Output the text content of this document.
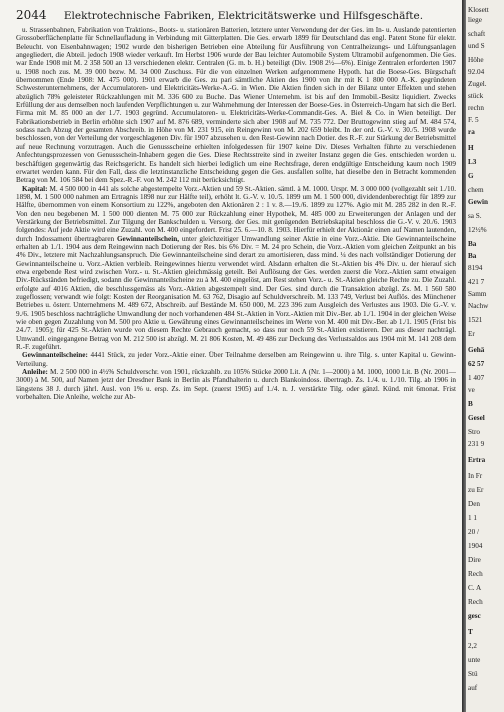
2044 Elektrotechnische Fabriken, Elektricitätswerke und Hilfsgeschäfte.

u. Strassenbahnen, Fabrikation von Traktions-, Boots- u. stationären Batterien, letztere unter Verwendung der der Ges. im In- u. Auslande patentierten Grossoberflächenplatte für Schnellaufladung in Verbindung mit Gitterplatten. Die Ges. erwarb 1899 für Deutschland das engl. Patent Stone für elektr. Beleucht. von Eisenbahnwagen; 1902 wurde den bisherigen Betrieben eine Abteilung für Ausführung von Centralheizungs- und Lüftungsanlagen angegliedert, die Abteil. jedoch 1908 wieder verkauft. Im Herbst 1906 wurde der Bau leichter Automobile System Ultramobil aufgenommen. Die Ges. war Ende 1908 mit M. 2 358 500 an 13 verschiedenen elektr. Centralen (G. m. b. H.) beteiligt (Div. 1908 2½—6%). Einige Zentralen erforderten 1907 u. 1908 noch zus. M. 39 000 bezw. M. 34 000 Zuschuss. Für die von einzelnen Werken aufgenommene Hypoth. hat die Boese-Ges. Bürgschaft übernommen (Ende 1908: M. 475 000). 1901 erwarb die Ges. zu pari sämtliche Aktien des 1900 von ihr mit K 1 800 000 A.-K. gegründeten Schwesterunternehmens, der Accumulatoren- und Elektricitäts-Werke-A.-G. in Wien. Die Aktien finden sich in der Bilanz unter Effekten und stehen abzüglich 78% geleisteter Rückzahlungen mit M. 336 600 zu Buche. Das Wiener Unternehm. ist bis auf den Immobil.-Besitz liquidiert. Zwecks Erfüllung der aus demselben noch laufenden Verpflichtungen u. zur Wahrnehmung der Interessen der Boese-Ges. in Österreich-Ungarn hat sich die Berl. Firma mit M. 85 000 an der 1./7. 1903 gegründ. Accumulatoren- u. Elektricitäts-Werke-Commandit-Ges. A. Biel & Co. in Wien beteiligt. Der Fabrikationsbetrieb in Berlin erhöhte sich 1907 auf M. 876 689, verminderte sich aber 1908 auf M. 735 772. Der Bruttogewinn stieg auf M. 484 574, sodass nach Abzug der gesamten Abschreib. in Höhe von M. 231 915, ein Reingewinn von M. 202 659 bleibt. In der ord. G.-V. v. 30./5. 1908 wurde beschlossen, von der Verteilung der vorgeschlagenen Div. für 1907 abzusehen u. den Rest-Gewinn nach Dotier. des R.-F. zur Stärkung der Betriebsmittel auf neue Rechnung vorzutragen. Auch die Genussscheine erhielten infolgedessen für 1907 keine Div. Dieses Verhalten führte zu verschiedenen Anfechtungsprozessen von Genussschein-Inhabern gegen die Ges. Diese Rechtsstreite sind in zweiter Instanz gegen die Ges. entschieden worden u. beschäftigen gegenwärtig das Reichsgericht. Es handelt sich hierbei lediglich um eine Rechtsfrage, deren endgültige Entscheidung kaum noch 1909 erwartet werden kann. Für den Fall, dass die letztinstanzliche Entscheidung gegen die Ges. ausfallen sollte, hat dieselbe den in Betracht kommenden Betrag von M. 106 584 bei dem Spez.-R.-F. von M. 242 112 mit berücksichtigt.

Kapital: M. 4 500 000 in 441 als solche abgestempelte Vorz.-Aktien und 59 St.-Aktien. sämtl. à M. 1000. Urspr. M. 3 000 000 (vollgezahlt seit 1./10. 1898, M. 1 500 000 nahmen am Ertragnis 1898 nur zur Hälfte teil), erhöht lt. G.-V. v. 10./5. 1899 um M. 1 500 000, dividendenberechtigt für 1899 zur Hälfte, übernommen von einem Konsortium zu 122%, angeboten den Aktionären 2 : 1 v. 8.—19./6. 1899 zu 127%. Agio mit M. 285 282 in den R.-F. Von den neu begebenen M. 1 500 000 dienten M. 75 000 zur Rückzahlung einer Hypothek, M. 485 000 zu Erweiterungen der Anlagen und der Verstärkung der Betriebsmittel. Zur Tilgung der Bankschulden u. Versorg. der Ges. mit genügenden Betriebskapital beschloss die G.-V. v. 20./6. 1903 folgendes: Auf jede Aktie wird eine Zuzahl. von M. 400 eingefordert. Frist 25. 6.—10. 8. 1903. Hierfür erhielt der Aktionär einen auf Namen lautenden, durch Indossament übertragbaren Gewinnanteilschein, unter gleichzeitiger Umwandlung seiner Aktie in eine Vorz.-Aktie. Die Gewinnanteilscheine erhalten ab 1./1. 1904 aus dem Reingewinn nach Dotierung der Res. bis 6% Div. = M. 24 pro Schein, die Vorz.-Aktien vom gleichen Zeitpunkt an bis 4% Div., letztere mit Nachzahlungsanspruch. Die Gewinnanteilscheine sind derart zu amortisieren, dass mind. ¼ des nach vollständiger Dotierung der Gewinnanteilscheine u. Vorz.-Aktien verbleib. Reingewinnes hierzu verwendet wird. Alsdann erhalten die St.-Aktien bis 4% Div. u. der hierauf sich etwa ergebende Rest wird zwischen Vorz.- u. St.-Aktien gleichmässig geteilt. Bei Auflösung der Ges. werden zuerst die Vorz.-Aktien samt etwaigen Div.-Rückständen befriedigt, sodann die Gewinnanteilscheine zu à M. 400 eingelöst, am Rest stehen Vorz.- u. St.-Aktien gleiche Rechte zu. Die Zuzahl. erfolgte auf 4016 Aktien, die beschlussgemäss als Vorz.-Aktien abgestempelt sind. Der Ges. sind durch die Transaktion abzügl. Zs. M. 1 560 580 zugeflossen; verwandt wie folgt: Kosten der Reorganisation M. 63 762, Disagio auf Schuldverschreib. M. 133 749, Verlust bei Auflös. des Münchener Betriebes u. österr. Unternehmens M. 489 672, Abschreib. auf Bestände M. 650 000, M. 223 396 zum Ausgleich des Verlustes aus 1903. Die G.-V. v. 9./6. 1905 beschloss nachträgliche Umwandlung der noch vorhandenen 484 St.-Aktien in Vorz.-Aktien mit Div.-Ber. ab 1./1. 1904 in der gleichen Weise wie oben gegen Zuzahlung von M. 500 pro Aktie u. Gewährung eines Gewinnanteilscheines im Werte von M. 400 mit Div.-Ber. ab 1./1. 1905 (Frist bis 24./7. 1905); für 425 St.-Aktien wurde von diesem Rechte Gebrauch gemacht, so dass nur noch 59 St.-Aktien existieren. Der aus dieser nachträgl. Umwandl. eingegangene Betrag von M. 212 500 ist abzügl. M. 21 806 Kosten, M. 49 486 zur Deckung des Verlustsaldos aus 1904 mit M. 141 208 dem R.-F. zugeführt.

Gewinnanteilscheine: 4441 Stück, zu jeder Vorz.-Aktie einer. Über Teilnahme derselben am Reingewinn u. ihre Tilg. s. unter Kapital u. Gewinn-Verteilung.

Anleihe: M. 2 500 000 in 4½% Schuldverschr. von 1901, rückzahlb. zu 105% Stücke 2000 Lit. A (Nr. 1—2000) à M. 1000, 1000 Lit. B (Nr. 2001—3000) à M. 500, auf Namen jetzt der Dresdner Bank in Berlin als Pfandhalterin u. durch Blankoindoss. übertragb. Zs. 1./4. u. 1./10. Tilg. ab 1906 in längstens 38 J. durch jährl. Ausl. von 1% u. ersp. Zs. im Sept. (zuerst 1905) auf 1./4. n. J. verstärkte Tilg. oder gänzl. Künd. mit 6monat. Frist vorbehalten. Die Anleihe, welche zur Ab-

Klosett
liege
schaft
und S
Höhe
92.04
Zugel.
stück
rechn
F. 5
ra
H
L3
G
chem
Gewin
sa S.
12½%
Ba
Ba
8194
421 7
Samm
Nachw
1521
Er
Gehä
62 57
1 407
ve
B
Gesel
Stro
231 9
Ertra
In Fr
zu Er
Den
1 1
20 /
1904
Dire
Rech
C. A
Rech
gesc
T
2,2
unte
Stü
auf
